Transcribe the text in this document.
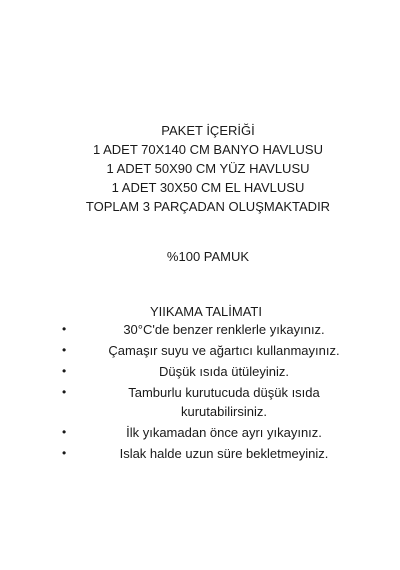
PAKET İÇERİĞİ
1 ADET 70X140 CM BANYO HAVLUSU
1 ADET 50X90 CM YÜZ HAVLUSU
1 ADET 30X50 CM EL HAVLUSU
TOPLAM 3 PARÇADAN OLUŞMAKTADIR
%100 PAMUK
YIIKAMA TALİMATI
•	30°C'de benzer renklerle yıkayınız.
•	Çamaşır suyu ve ağartıcı kullanmayınız.
•	Düşük ısıda ütüleyiniz.
•	Tamburlu kurutucuda düşük ısıda kurutabilirsiniz.
•	İlk yıkamadan önce ayrı yıkayınız.
•	Islak halde uzun süre bekletmeyiniz.
